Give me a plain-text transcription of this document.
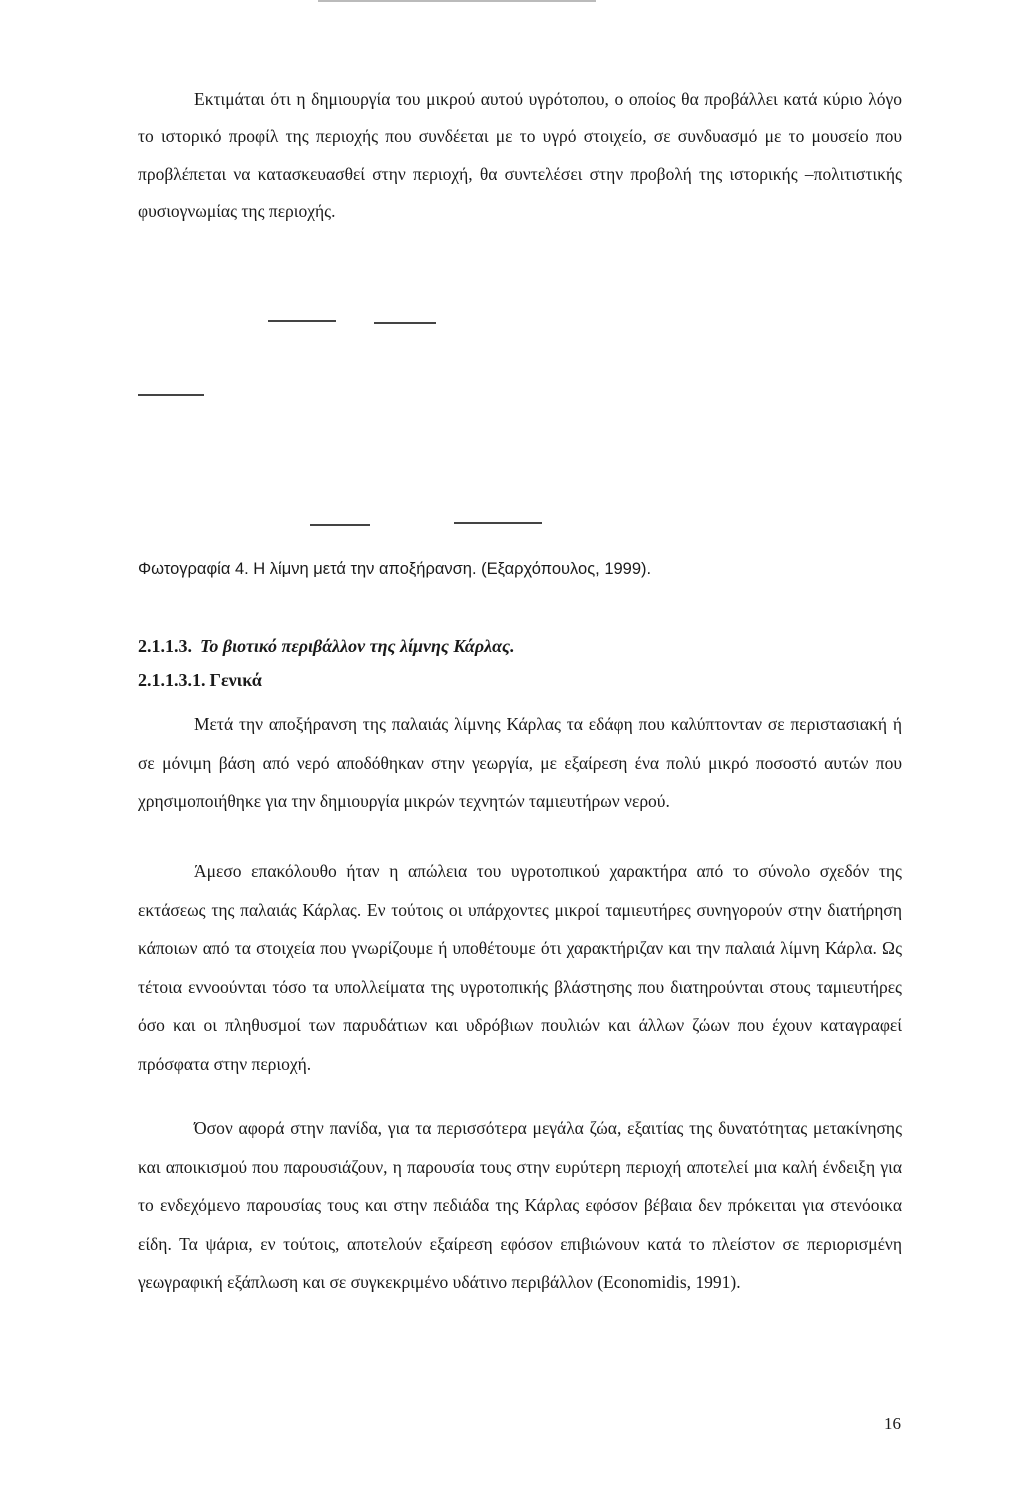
Εκτιμάται ότι η δημιουργία του μικρού αυτού υγρότοπου, ο οποίος θα προβάλλει κατά κύριο λόγο το ιστορικό προφίλ της περιοχής που συνδέεται με το υγρό στοιχείο, σε συνδυασμό με το μουσείο που προβλέπεται να κατασκευασθεί στην περιοχή, θα συντελέσει στην προβολή της ιστορικής –πολιτιστικής φυσιογνωμίας της περιοχής.

Φωτογραφία 4. Η λίμνη μετά την αποξήρανση. (Εξαρχόπουλος, 1999).

2.1.1.3. Το βιοτικό περιβάλλον της λίμνης Κάρλας.

2.1.1.3.1. Γενικά

Μετά την αποξήρανση της παλαιάς λίμνης Κάρλας τα εδάφη που καλύπτονταν σε περιστασιακή ή σε μόνιμη βάση από νερό αποδόθηκαν στην γεωργία, με εξαίρεση ένα πολύ μικρό ποσοστό αυτών που χρησιμοποιήθηκε για την δημιουργία μικρών τεχνητών ταμιευτήρων νερού.

Άμεσο επακόλουθο ήταν η απώλεια του υγροτοπικού χαρακτήρα από το σύνολο σχεδόν της εκτάσεως της παλαιάς Κάρλας. Εν τούτοις οι υπάρχοντες μικροί ταμιευτήρες συνηγορούν στην διατήρηση κάποιων από τα στοιχεία που γνωρίζουμε ή υποθέτουμε ότι χαρακτήριζαν και την παλαιά λίμνη Κάρλα. Ως τέτοια εννοούνται τόσο τα υπολλείματα της υγροτοπικής βλάστησης που διατηρούνται στους ταμιευτήρες όσο και οι πληθυσμοί των παρυδάτιων και υδρόβιων πουλιών και άλλων ζώων που έχουν καταγραφεί πρόσφατα στην περιοχή.

Όσον αφορά στην πανίδα, για τα περισσότερα μεγάλα ζώα, εξαιτίας της δυνατότητας μετακίνησης και αποικισμού που παρουσιάζουν, η παρουσία τους στην ευρύτερη περιοχή αποτελεί μια καλή ένδειξη για το ενδεχόμενο παρουσίας τους και στην πεδιάδα της Κάρλας εφόσον βέβαια δεν πρόκειται για στενόοικα είδη. Τα ψάρια, εν τούτοις, αποτελούν εξαίρεση εφόσον επιβιώνουν κατά το πλείστον σε περιορισμένη γεωγραφική εξάπλωση και σε συγκεκριμένο υδάτινο περιβάλλον (Economidis, 1991).

16
